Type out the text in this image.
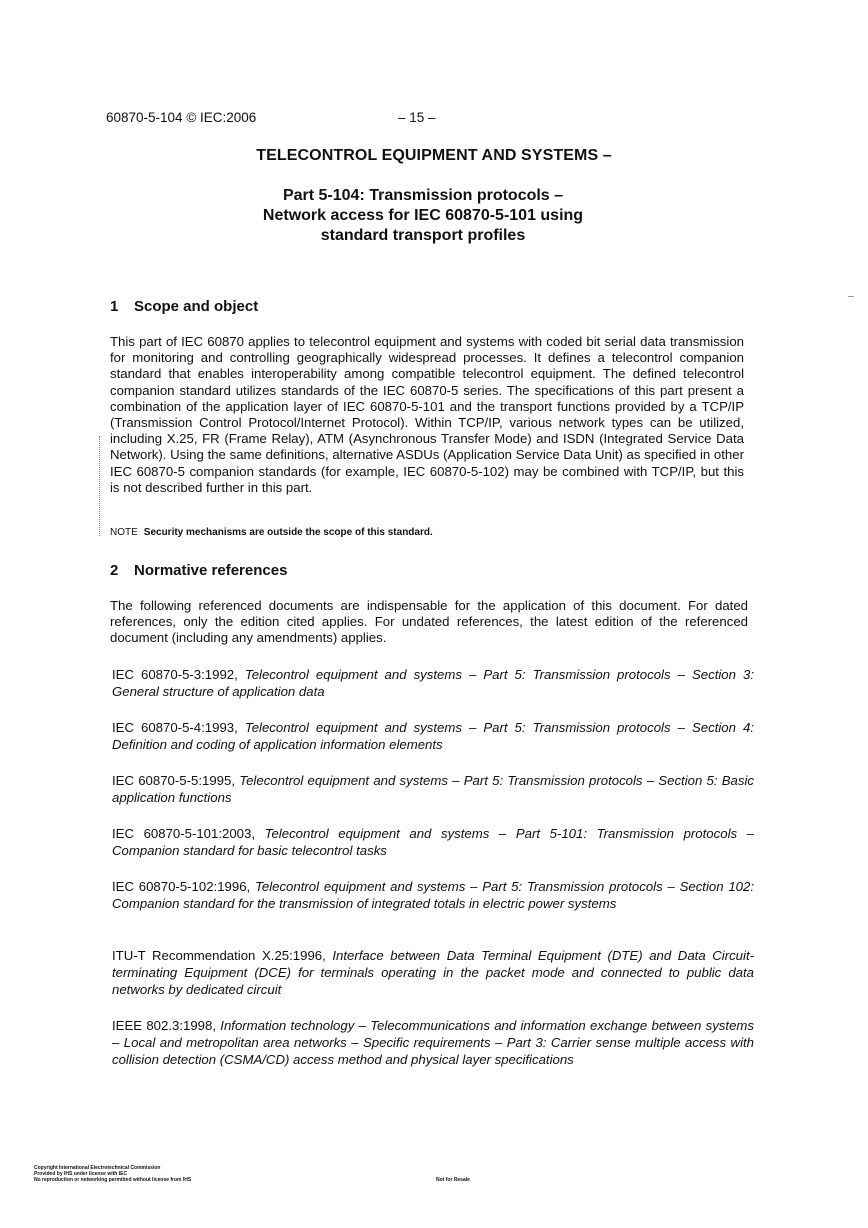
60870-5-104 © IEC:2006	– 15 –
TELECONTROL EQUIPMENT AND SYSTEMS –
Part 5-104: Transmission protocols –
Network access for IEC 60870-5-101 using
standard transport profiles
1 Scope and object
This part of IEC 60870 applies to telecontrol equipment and systems with coded bit serial data transmission for monitoring and controlling geographically widespread processes. It defines a telecontrol companion standard that enables interoperability among compatible telecontrol equipment. The defined telecontrol companion standard utilizes standards of the IEC 60870-5 series. The specifications of this part present a combination of the application layer of IEC 60870-5-101 and the transport functions provided by a TCP/IP (Transmission Control Protocol/Internet Protocol). Within TCP/IP, various network types can be utilized, including X.25, FR (Frame Relay), ATM (Asynchronous Transfer Mode) and ISDN (Integrated Service Data Network). Using the same definitions, alternative ASDUs (Application Service Data Unit) as specified in other IEC 60870-5 companion standards (for example, IEC 60870-5-102) may be combined with TCP/IP, but this is not described further in this part.
NOTE Security mechanisms are outside the scope of this standard.
2 Normative references
The following referenced documents are indispensable for the application of this document. For dated references, only the edition cited applies. For undated references, the latest edition of the referenced document (including any amendments) applies.
IEC 60870-5-3:1992, Telecontrol equipment and systems – Part 5: Transmission protocols – Section 3: General structure of application data
IEC 60870-5-4:1993, Telecontrol equipment and systems – Part 5: Transmission protocols – Section 4: Definition and coding of application information elements
IEC 60870-5-5:1995, Telecontrol equipment and systems – Part 5: Transmission protocols – Section 5: Basic application functions
IEC 60870-5-101:2003, Telecontrol equipment and systems – Part 5-101: Transmission protocols – Companion standard for basic telecontrol tasks
IEC 60870-5-102:1996, Telecontrol equipment and systems – Part 5: Transmission protocols – Section 102: Companion standard for the transmission of integrated totals in electric power systems
ITU-T Recommendation X.25:1996, Interface between Data Terminal Equipment (DTE) and Data Circuit-terminating Equipment (DCE) for terminals operating in the packet mode and connected to public data networks by dedicated circuit
IEEE 802.3:1998, Information technology – Telecommunications and information exchange between systems – Local and metropolitan area networks – Specific requirements – Part 3: Carrier sense multiple access with collision detection (CSMA/CD) access method and physical layer specifications
Copyright International Electrotechnical Commission
Provided by IHS under license with IEC
No reproduction or networking permitted without license from IHS	Not for Resale
